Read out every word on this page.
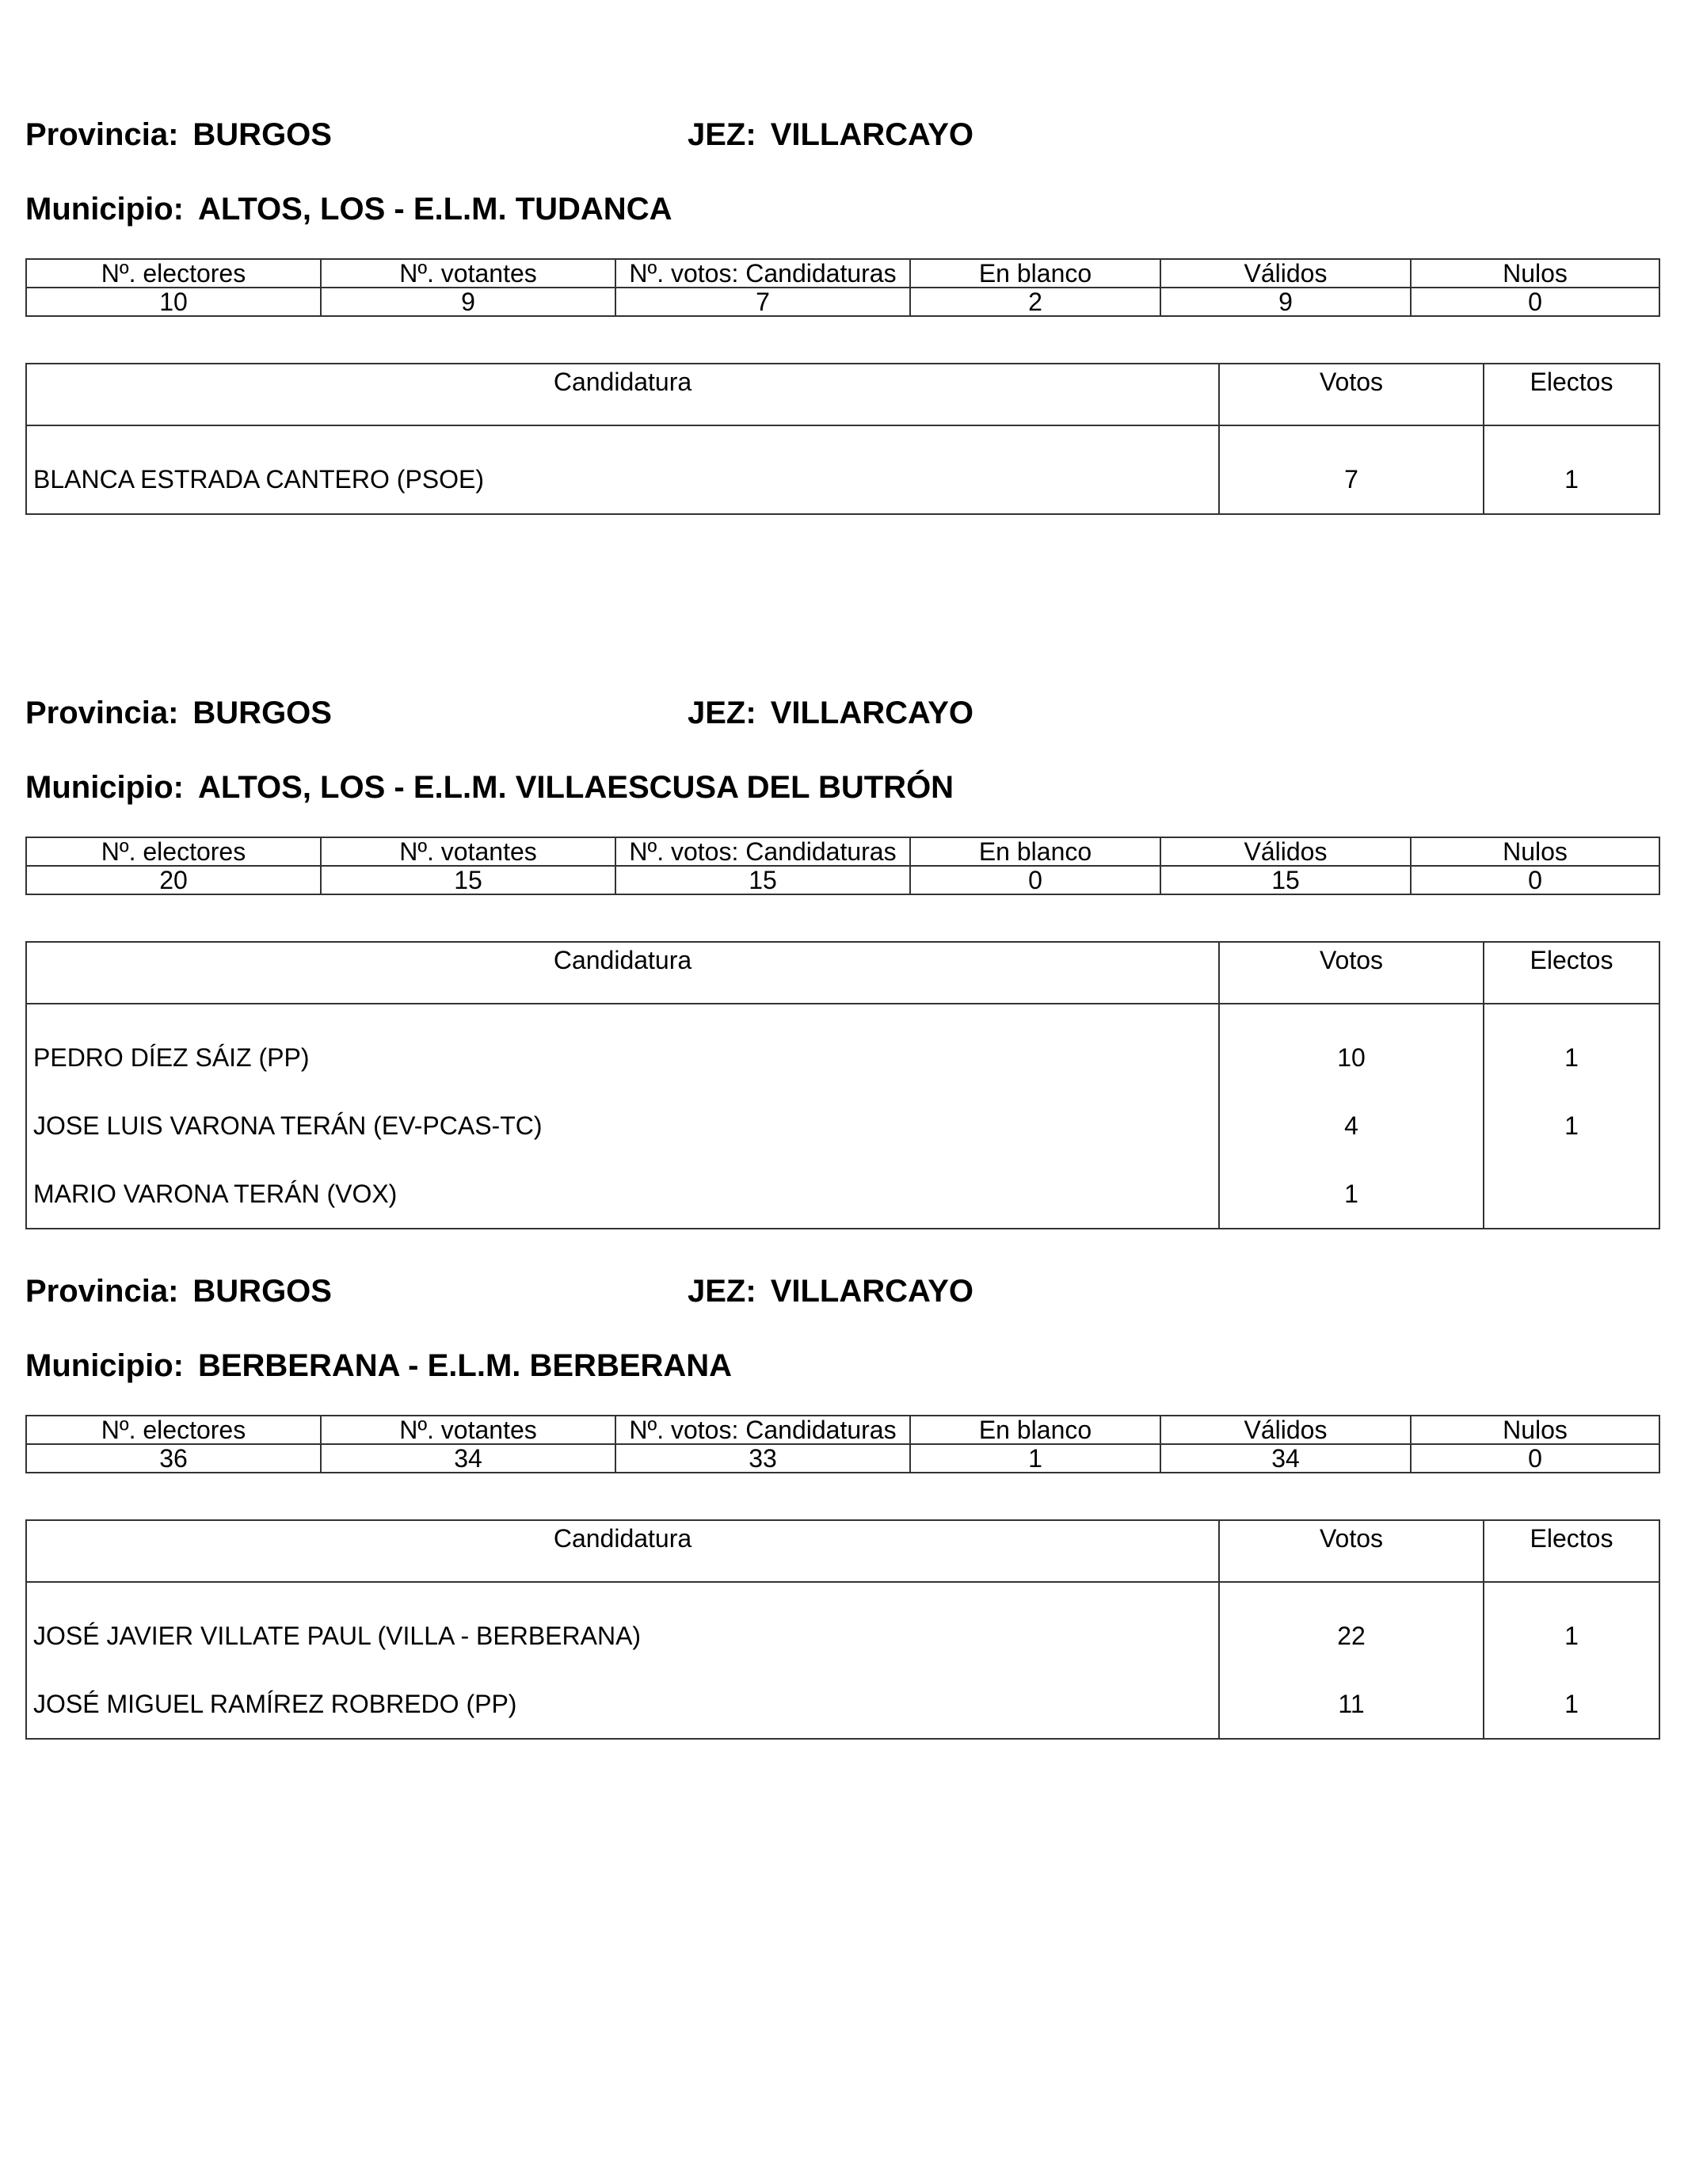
Provincia: BURGOS	JEZ: VILLARCAYO
Municipio: ALTOS, LOS - E.L.M. TUDANCA
Nº. electores	Nº. votantes	Nº. votos: Candidaturas	En blanco	Válidos	Nulos
10	9	7	2	9	0
Candidatura	Votos	Electos
BLANCA ESTRADA CANTERO (PSOE)	7	1
Provincia: BURGOS	JEZ: VILLARCAYO
Municipio: ALTOS, LOS - E.L.M. VILLAESCUSA DEL BUTRÓN
Nº. electores	Nº. votantes	Nº. votos: Candidaturas	En blanco	Válidos	Nulos
20	15	15	0	15	0
Candidatura	Votos	Electos
PEDRO DÍEZ SÁIZ (PP)	10	1
JOSE LUIS VARONA TERÁN (EV-PCAS-TC)	4	1
MARIO VARONA TERÁN (VOX)	1	
Provincia: BURGOS	JEZ: VILLARCAYO
Municipio: BERBERANA - E.L.M. BERBERANA
Nº. electores	Nº. votantes	Nº. votos: Candidaturas	En blanco	Válidos	Nulos
36	34	33	1	34	0
Candidatura	Votos	Electos
JOSÉ JAVIER VILLATE PAUL (VILLA - BERBERANA)	22	1
JOSÉ MIGUEL RAMÍREZ ROBREDO (PP)	11	1
